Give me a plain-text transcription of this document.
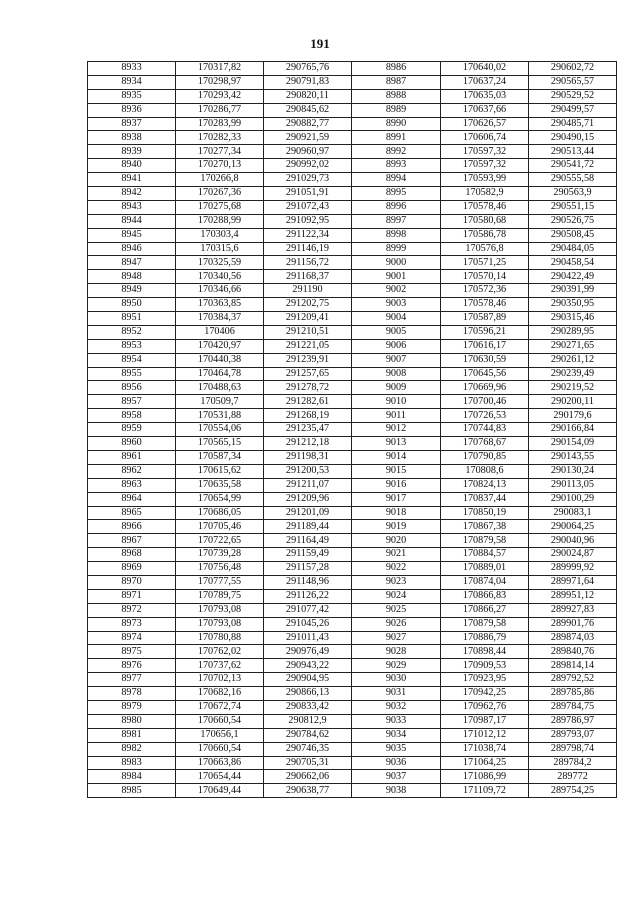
191
8933	170317,82	290765,76	8986	170640,02	290602,72
8934	170298,97	290791,83	8987	170637,24	290565,57
8935	170293,42	290820,11	8988	170635,03	290529,52
8936	170286,77	290845,62	8989	170637,66	290499,57
8937	170283,99	290882,77	8990	170626,57	290485,71
8938	170282,33	290921,59	8991	170606,74	290490,15
8939	170277,34	290960,97	8992	170597,32	290513,44
8940	170270,13	290992,02	8993	170597,32	290541,72
8941	170266,8	291029,73	8994	170593,99	290555,58
8942	170267,36	291051,91	8995	170582,9	290563,9
8943	170275,68	291072,43	8996	170578,46	290551,15
8944	170288,99	291092,95	8997	170580,68	290526,75
8945	170303,4	291122,34	8998	170586,78	290508,45
8946	170315,6	291146,19	8999	170576,8	290484,05
8947	170325,59	291156,72	9000	170571,25	290458,54
8948	170340,56	291168,37	9001	170570,14	290422,49
8949	170346,66	291190	9002	170572,36	290391,99
8950	170363,85	291202,75	9003	170578,46	290350,95
8951	170384,37	291209,41	9004	170587,89	290315,46
8952	170406	291210,51	9005	170596,21	290289,95
8953	170420,97	291221,05	9006	170616,17	290271,65
8954	170440,38	291239,91	9007	170630,59	290261,12
8955	170464,78	291257,65	9008	170645,56	290239,49
8956	170488,63	291278,72	9009	170669,96	290219,52
8957	170509,7	291282,61	9010	170700,46	290200,11
8958	170531,88	291268,19	9011	170726,53	290179,6
8959	170554,06	291235,47	9012	170744,83	290166,84
8960	170565,15	291212,18	9013	170768,67	290154,09
8961	170587,34	291198,31	9014	170790,85	290143,55
8962	170615,62	291200,53	9015	170808,6	290130,24
8963	170635,58	291211,07	9016	170824,13	290113,05
8964	170654,99	291209,96	9017	170837,44	290100,29
8965	170686,05	291201,09	9018	170850,19	290083,1
8966	170705,46	291189,44	9019	170867,38	290064,25
8967	170722,65	291164,49	9020	170879,58	290040,96
8968	170739,28	291159,49	9021	170884,57	290024,87
8969	170756,48	291157,28	9022	170889,01	289999,92
8970	170777,55	291148,96	9023	170874,04	289971,64
8971	170789,75	291126,22	9024	170866,83	289951,12
8972	170793,08	291077,42	9025	170866,27	289927,83
8973	170793,08	291045,26	9026	170879,58	289901,76
8974	170780,88	291011,43	9027	170886,79	289874,03
8975	170762,02	290976,49	9028	170898,44	289840,76
8976	170737,62	290943,22	9029	170909,53	289814,14
8977	170702,13	290904,95	9030	170923,95	289792,52
8978	170682,16	290866,13	9031	170942,25	289785,86
8979	170672,74	290833,42	9032	170962,76	289784,75
8980	170660,54	290812,9	9033	170987,17	289786,97
8981	170656,1	290784,62	9034	171012,12	289793,07
8982	170660,54	290746,35	9035	171038,74	289798,74
8983	170663,86	290705,31	9036	171064,25	289784,2
8984	170654,44	290662,06	9037	171086,99	289772
8985	170649,44	290638,77	9038	171109,72	289754,25
